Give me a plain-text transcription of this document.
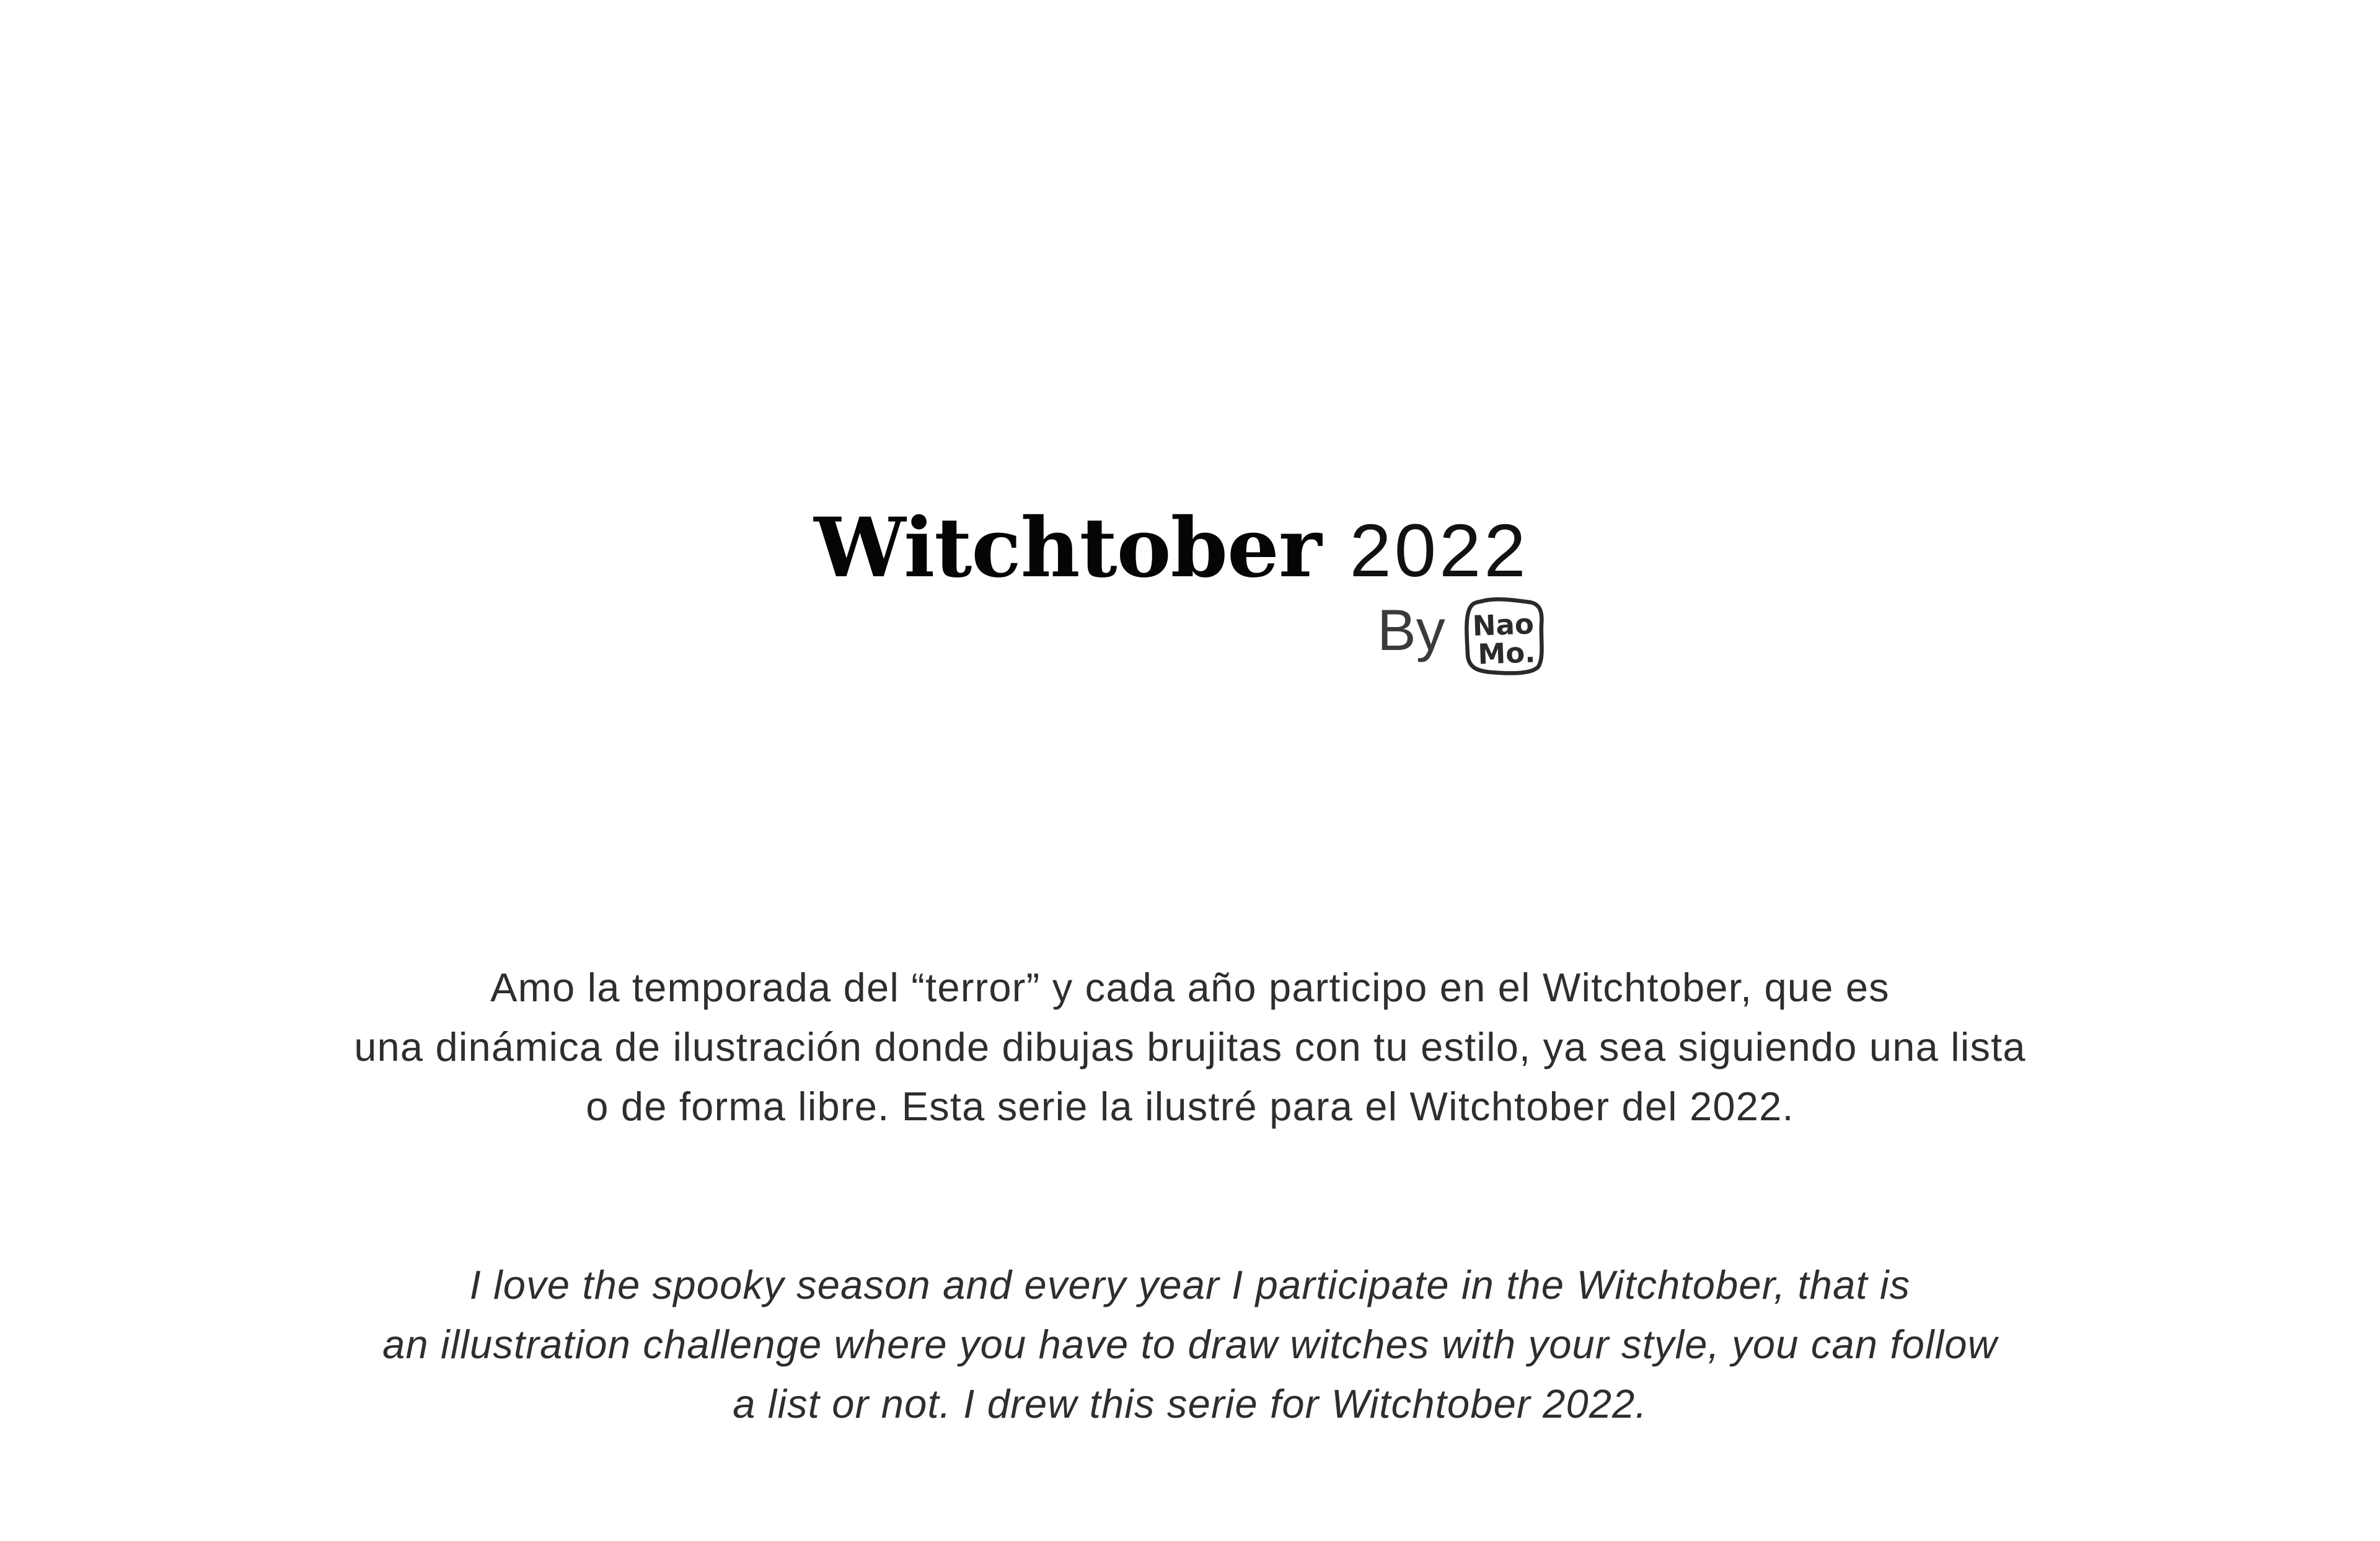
Witchtober 2022
By Nao
Mo.
Amo la temporada del “terror” y cada año participo en el Witchtober, que es
una dinámica de ilustración donde dibujas brujitas con tu estilo, ya sea siguiendo una lista
o de forma libre. Esta serie la ilustré para el Witchtober del 2022.
I love the spooky season and every year I participate in the Witchtober, that is
an illustration challenge where you have to draw witches with your style, you can follow
a list or not. I drew this serie for Witchtober 2022.
